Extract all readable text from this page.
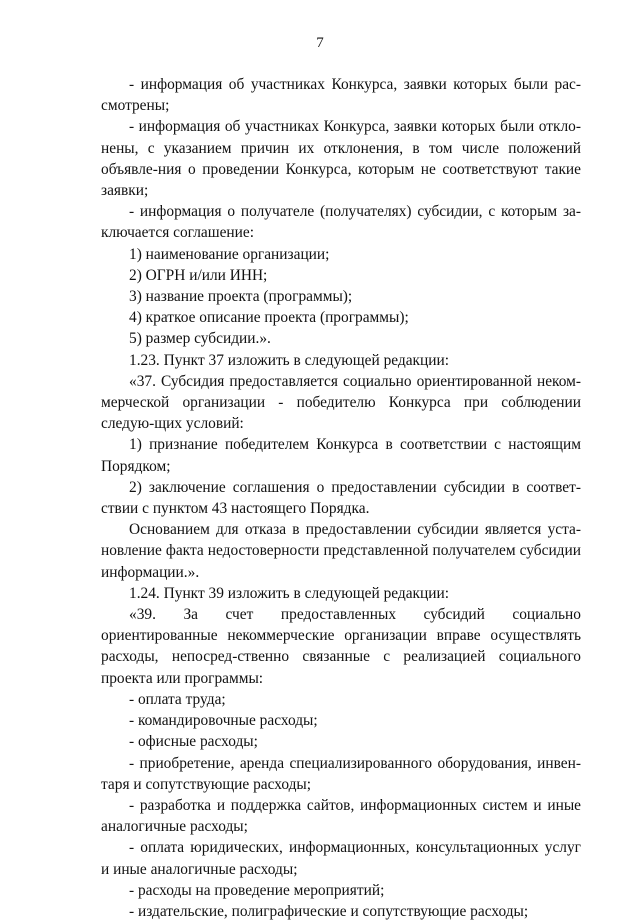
7

- информация об участниках Конкурса, заявки которых были рас-смотрены;

- информация об участниках Конкурса, заявки которых были откло-нены, с указанием причин их отклонения, в том числе положений объявле-ния о проведении Конкурса, которым не соответствуют такие заявки;

- информация о получателе (получателях) субсидии, с которым за-ключается соглашение:

1) наименование организации;

2) ОГРН и/или ИНН;

3) название проекта (программы);

4) краткое описание проекта (программы);

5) размер субсидии.».

1.23. Пункт 37 изложить в следующей редакции:

«37. Субсидия предоставляется социально ориентированной неком-мерческой организации - победителю Конкурса при соблюдении следую-щих условий:

1) признание победителем Конкурса в соответствии с настоящим Порядком;

2) заключение соглашения о предоставлении субсидии в соответ-ствии с пунктом 43 настоящего Порядка.

Основанием для отказа в предоставлении субсидии является уста-новление факта недостоверности представленной получателем субсидии информации.».

1.24. Пункт 39 изложить в следующей редакции:

«39. За счет предоставленных субсидий социально ориентированные некоммерческие организации вправе осуществлять расходы, непосред-ственно связанные с реализацией социального проекта или программы:

- оплата труда;

- командировочные расходы;

- офисные расходы;

- приобретение, аренда специализированного оборудования, инвен-таря и сопутствующие расходы;

- разработка и поддержка сайтов, информационных систем и иные аналогичные расходы;

- оплата юридических, информационных, консультационных услуг и иные аналогичные расходы;

- расходы на проведение мероприятий;

- издательские, полиграфические и сопутствующие расходы;
